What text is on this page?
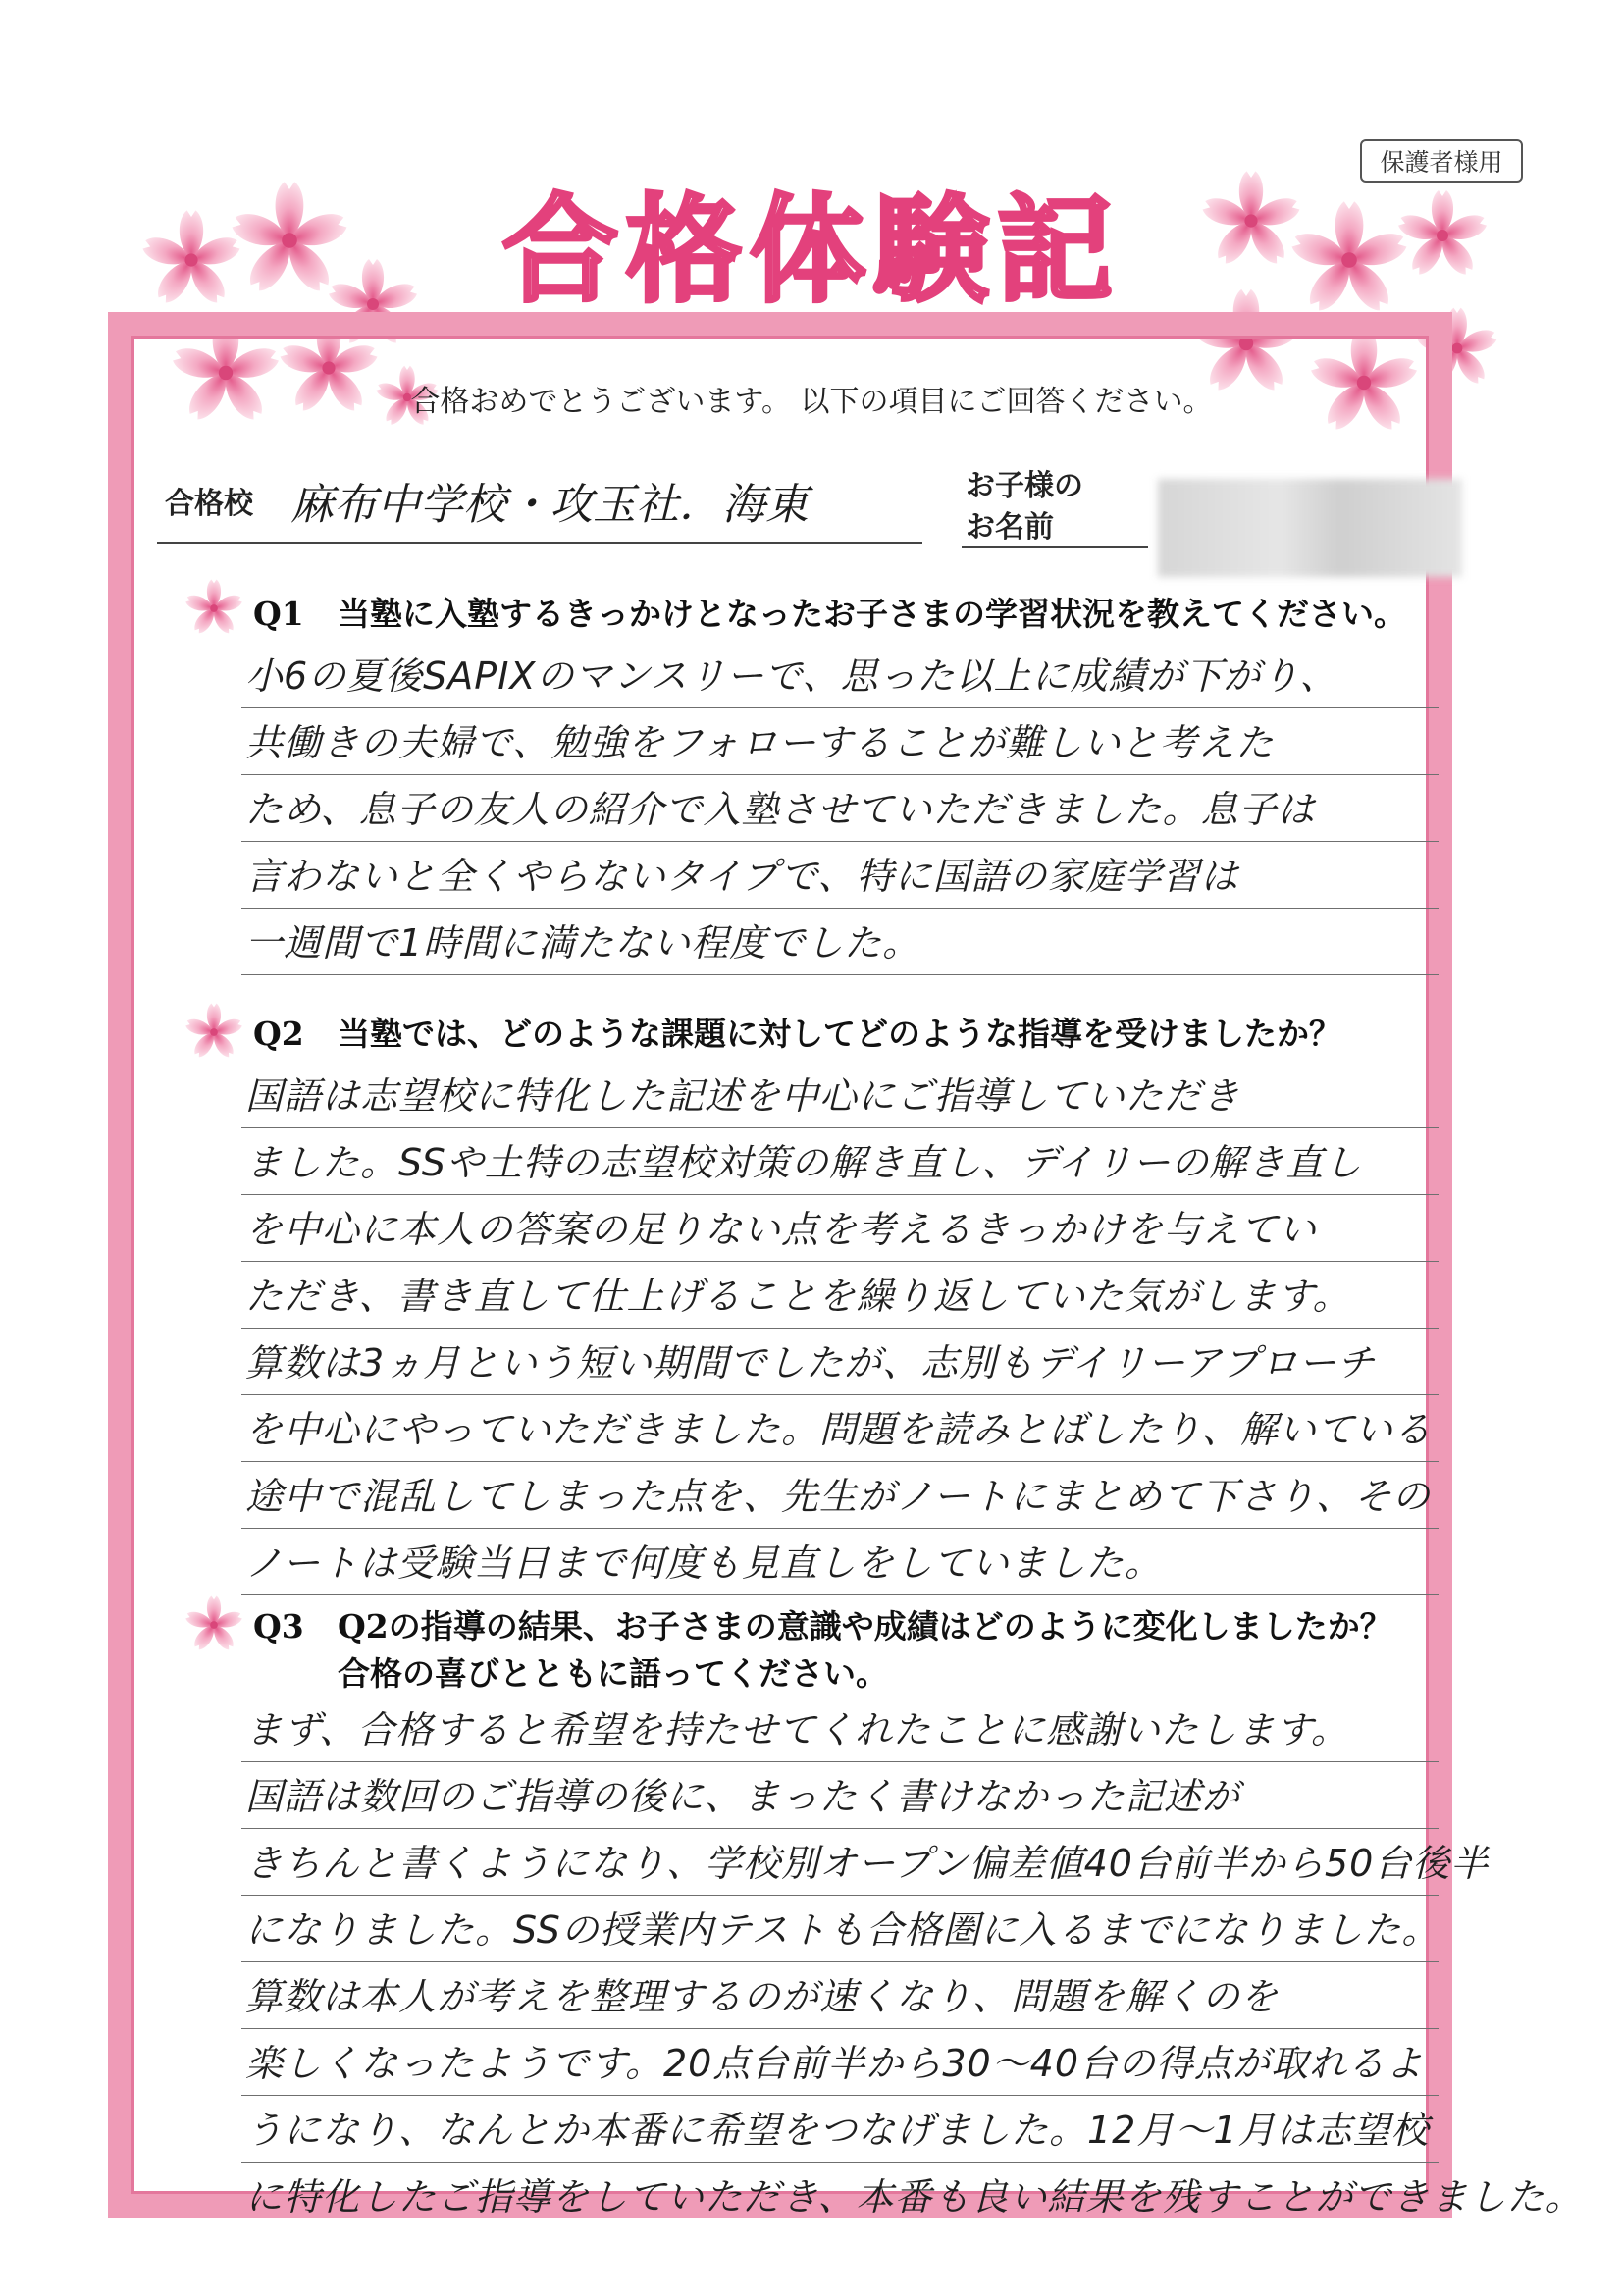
保護者様用
合格体験記
合格おめでとうございます。 以下の項目にご回答ください。
合格校 麻布中学校・攻玉社．海東	お子様の
お名前
Q1 当塾に入塾するきっかけとなったお子さまの学習状況を教えてください。
小6の夏後SAPIXのマンスリーで、思った以上に成績が下がり、
共働きの夫婦で、勉強をフォローすることが難しいと考えた
ため、息子の友人の紹介で入塾させていただきました。息子は
言わないと全くやらないタイプで、特に国語の家庭学習は
一週間で1時間に満たない程度でした。
Q2 当塾では、どのような課題に対してどのような指導を受けましたか？
国語は志望校に特化した記述を中心にご指導していただき
ました。SSや土特の志望校対策の解き直し、デイリーの解き直し
を中心に本人の答案の足りない点を考えるきっかけを与えてい
ただき、書き直して仕上げることを繰り返していた気がします。
算数は3ヵ月という短い期間でしたが、志別もデイリーアプローチ
を中心にやっていただきました。問題を読みとばしたり、解いている
途中で混乱してしまった点を、先生がノートにまとめて下さり、その
ノートは受験当日まで何度も見直しをしていました。
Q3 Q2の指導の結果、お子さまの意識や成績はどのように変化しましたか？
合格の喜びとともに語ってください。
まず、合格すると希望を持たせてくれたことに感謝いたします。
国語は数回のご指導の後に、まったく書けなかった記述が
きちんと書くようになり、学校別オープン偏差値40台前半から50台後半
になりました。SSの授業内テストも合格圏に入るまでになりました。
算数は本人が考えを整理するのが速くなり、問題を解くのを
楽しくなったようです。20点台前半から30〜40台の得点が取れるよ
うになり、なんとか本番に希望をつなげました。12月〜1月は志望校
に特化したご指導をしていただき、本番も良い結果を残すことができました。
